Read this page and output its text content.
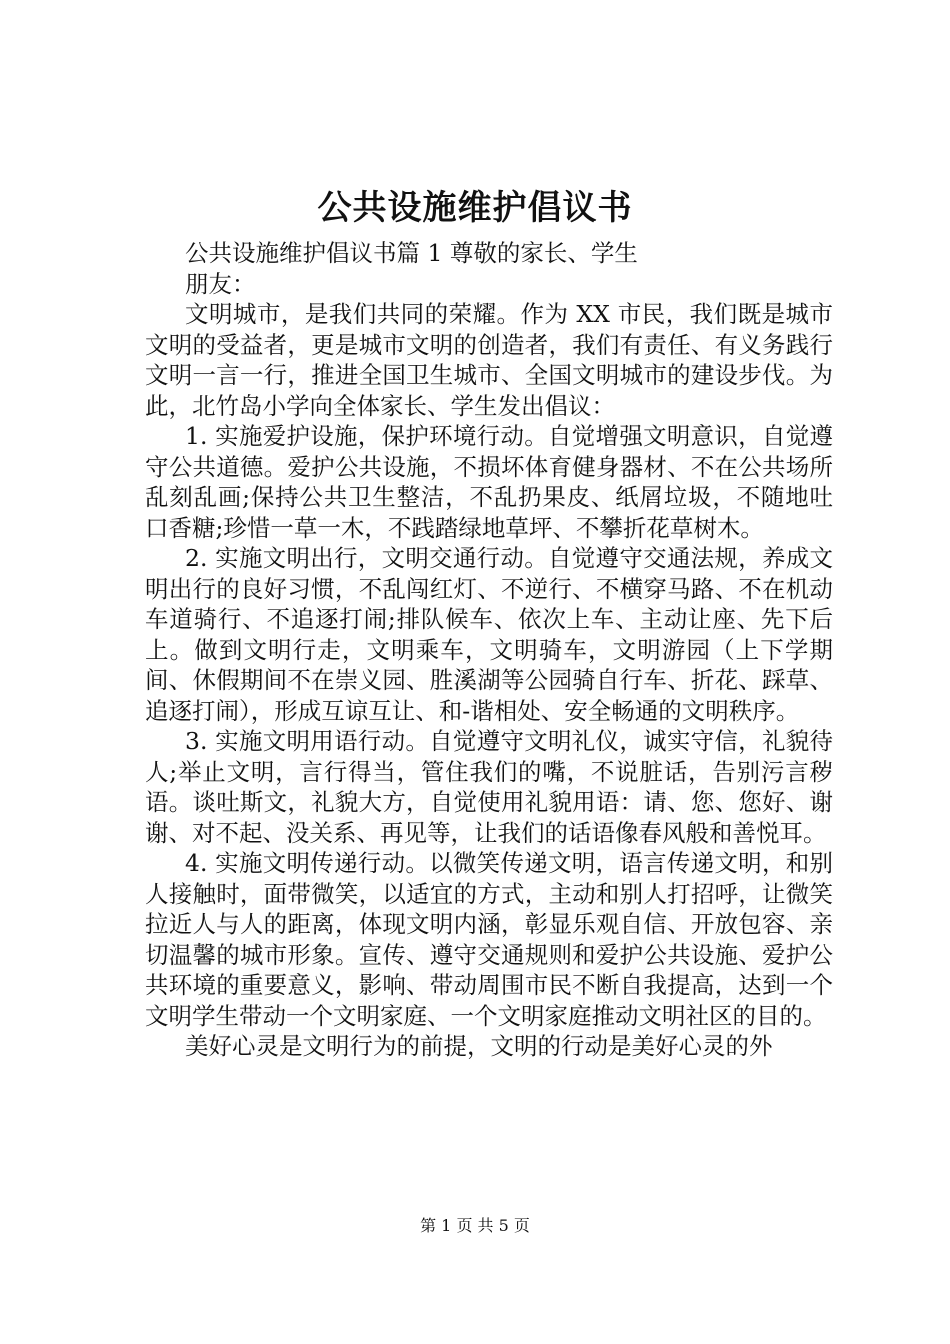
公共设施维护倡议书

公共设施维护倡议书篇 1 尊敬的家长、学生

朋友：

文明城市，是我们共同的荣耀。作为 XX 市民，我们既是城市文明的受益者，更是城市文明的创造者，我们有责任、有义务践行文明一言一行，推进全国卫生城市、全国文明城市的建设步伐。为此，北竹岛小学向全体家长、学生发出倡议：

1. 实施爱护设施，保护环境行动。自觉增强文明意识，自觉遵守公共道德。爱护公共设施，不损坏体育健身器材、不在公共场所乱刻乱画;保持公共卫生整洁，不乱扔果皮、纸屑垃圾，不随地吐口香糖;珍惜一草一木，不践踏绿地草坪、不攀折花草树木。

2. 实施文明出行，文明交通行动。自觉遵守交通法规，养成文明出行的良好习惯，不乱闯红灯、不逆行、不横穿马路、不在机动车道骑行、不追逐打闹;排队候车、依次上车、主动让座、先下后上。做到文明行走，文明乘车，文明骑车，文明游园（上下学期间、休假期间不在崇义园、胜溪湖等公园骑自行车、折花、踩草、追逐打闹），形成互谅互让、和-谐相处、安全畅通的文明秩序。

3. 实施文明用语行动。自觉遵守文明礼仪，诚实守信，礼貌待人;举止文明，言行得当，管住我们的嘴，不说脏话，告别污言秽语。谈吐斯文，礼貌大方，自觉使用礼貌用语：请、您、您好、谢谢、对不起、没关系、再见等，让我们的话语像春风般和善悦耳。

4. 实施文明传递行动。以微笑传递文明，语言传递文明，和别人接触时，面带微笑，以适宜的方式，主动和别人打招呼，让微笑拉近人与人的距离，体现文明内涵，彰显乐观自信、开放包容、亲切温馨的城市形象。宣传、遵守交通规则和爱护公共设施、爱护公共环境的重要意义，影响、带动周围市民不断自我提高，达到一个文明学生带动一个文明家庭、一个文明家庭推动文明社区的目的。

美好心灵是文明行为的前提，文明的行动是美好心灵的外

第 1 页 共 5 页
